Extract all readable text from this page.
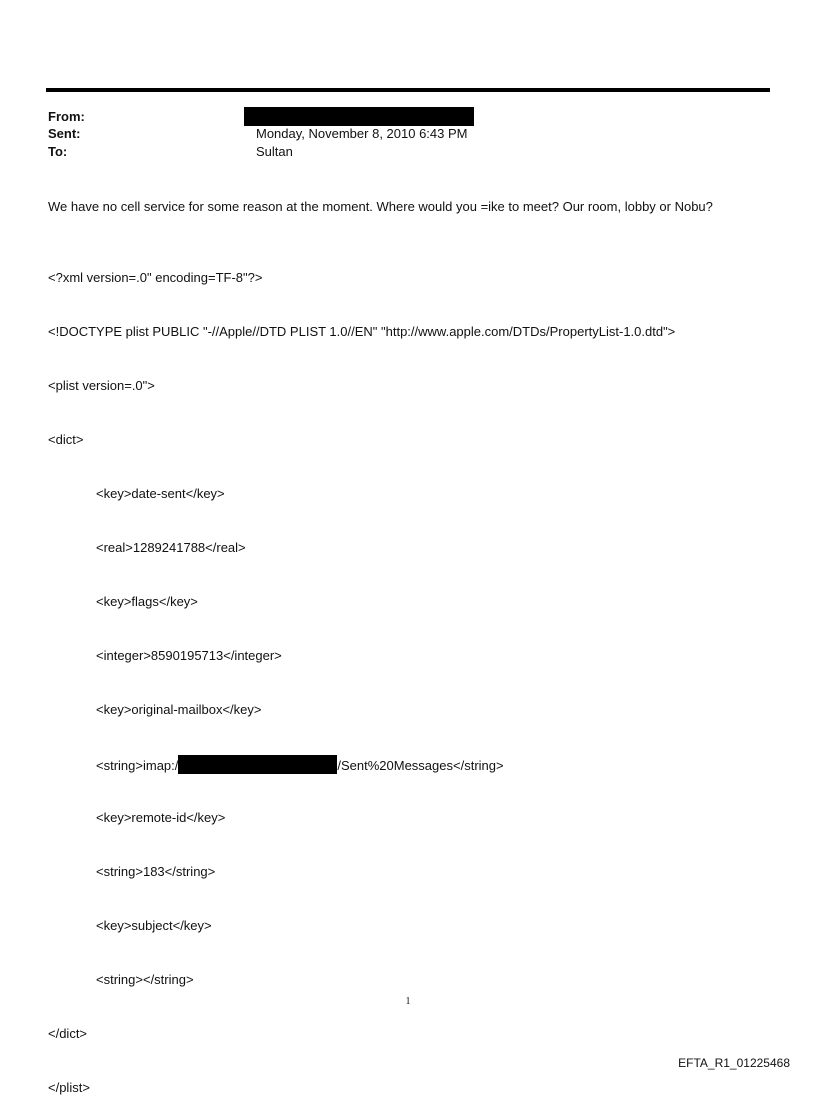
From:
Sent:	Monday, November 8, 2010 6:43 PM
To:	Sultan
We have no cell service for some reason at the moment. Where would you =ike to meet? Our room, lobby or Nobu?

<?xml version=.0" encoding=TF-8"?>

<!DOCTYPE plist PUBLIC "-//Apple//DTD PLIST 1.0//EN" "http://www.apple.com/DTDs/PropertyList-1.0.dtd">

<plist version=.0">

<dict>

<key>date-sent</key>

<real>1289241788</real>

<key>flags</key>

<integer>8590195713</integer>

<key>original-mailbox</key>

<string>imap:/	/Sent%20Messages</string>

<key>remote-id</key>

<string>183</string>

<key>subject</key>

<string></string>

</dict>

</plist>

1
EFTA_R1_01225468
